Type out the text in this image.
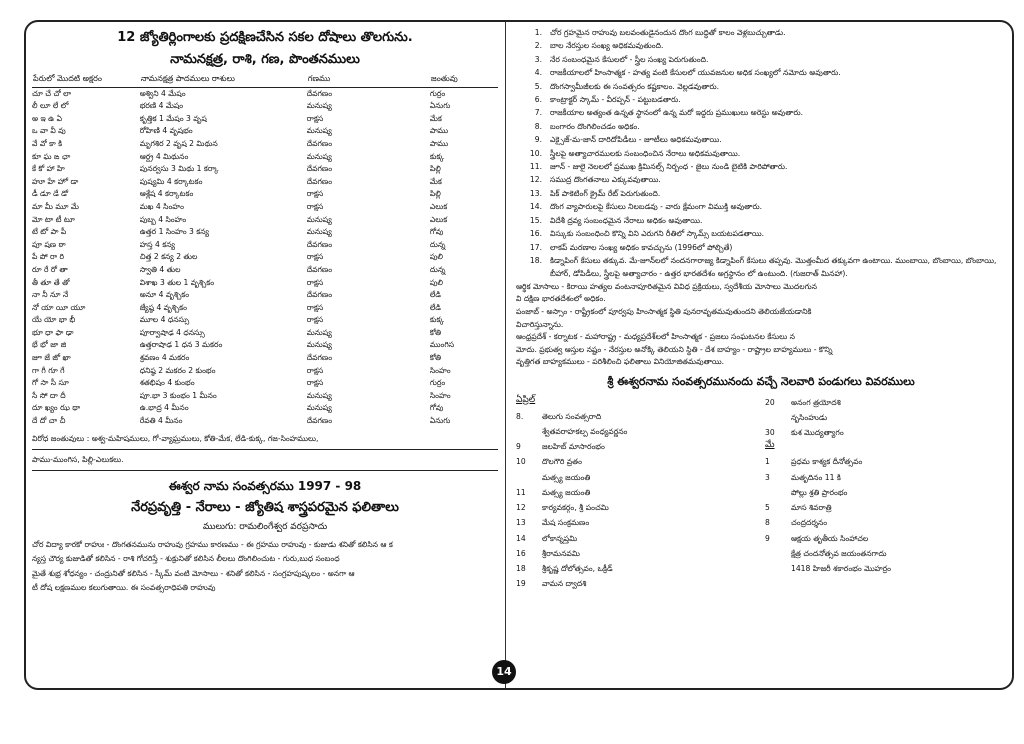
12 జ్యోతిర్లింగాలకు ప్రదక్షిణచేసిన సకల దోషాలు తొలగును.
నామనక్షత్ర, రాశి, గణ, పొంతనములు
పేరులో మొదటి అక్షరం	నామనక్షత్ర పాదములు రాశులు	గణము	జంతువు
చూ చే చో లా	అశ్విని 4 మేషం	దేవగణం	గుర్రం
లీ లూ లే లో	భరణి 4 మేషం	మనుష్య	ఏనుగు
అ ఇ ఉ ఏ	కృత్తిక 1 మేషం 3 వృష	రాక్షస	మేక
ఒ వా వీ వు	రోహిణి 4 వృషభం	మనుష్య	పాము
వే వో కా కి	మృగశిర 2 వృష 2 మిథున	దేవగణం	పాము
కూ ఘ ఙ ఛా	ఆర్ద్ర 4 మిథునం	మనుష్య	కుక్క
కే కో హా హి	పునర్వసు 3 మిథు 1 కర్కా	దేవగణం	పిల్లి
హూ హే హో డా	పుష్యమి 4 కర్కాటకం	దేవగణం	మేక
డీ డూ డే డో	ఆశ్లేష 4 కర్కాటకం	రాక్షస	పిల్లి
మా మీ మూ మే	మఖ 4 సింహం	రాక్షస	ఎలుక
మో టా టీ టూ	పుబ్బ 4 సింహం	మనుష్య	ఎలుక
టే టో పా పీ	ఉత్తర 1 సింహం 3 కన్య	మనుష్య	గోవు
పూ షణ ఠా	హస్త 4 కన్య	దేవగణం	దున్న
పే పో రా రి	చిత్త 2 కన్య 2 తుల	రాక్షస	పులి
రూ రే రో తా	స్వాతి 4 తుల	దేవగణం	దున్న
తీ తూ తే తో	విశాఖ 3 తుల 1 వృశ్చికం	రాక్షస	పులి
నా నీ నూ నే	అనూ 4 వృశ్చికం	దేవగణం	లేడి
నో యా యీ యూ	జ్యేష్ఠ 4 వృశ్చికం	రాక్షస	లేడి
యే యో భా భీ	మూల 4 ధనస్సు	రాక్షస	కుక్క
భూ ధా ఫా ఢా	పూర్వాషాఢ 4 ధనస్సు	మనుష్య	కోతి
భే భో జా జి	ఉత్తరాషాఢ 1 ధన 3 మకరం	మనుష్య	ముంగిస
జూ జే జో ఖా	శ్రవణం 4 మకరం	దేవగణం	కోతి
గా గీ గూ గే	ధనిష్ఠ 2 మకరం 2 కుంభం	రాక్షస	సింహం
గో సా సీ సూ	శతభిషం 4 కుంభం	రాక్షస	గుర్రం
సే సో దా దీ	పూ.భా 3 కుంభం 1 మీనం	మనుష్య	సింహం
దూ ఖ్యం ఝ థా	ఉ.భాద్ర 4 మీనం	మనుష్య	గోవు
దే దో చా చీ	రేవతి 4 మీనం	దేవగణం	ఏనుగు
విరోధ జంతువులు : అశ్వ-మహిషములు, గో-వ్యాఘ్రములు, కోతి-మేక, లేడి-కుక్క, గజ-సింహములు,
పాము-ముంగిస, పిల్లి-ఎలుకలు.
ఈశ్వర నామ సంవత్సరము 1997 - 98
నేరప్రవృత్తి - నేరాలు - జ్యోతిష శాస్త్రపరమైన ఫలితాలు
ములుగు: రామలింగేశ్వర వరప్రసాదు
చోర విద్యా కారకో రాహుః - దొంగతనమును రాహువు గ్రహము కారణము - ఈ గ్రహము రాహువు - కుజుడు శనితో కలిసిన ఆ క
న్యస్త చౌర్య కుజుడితో కలిసిన - రాశి గోచరిస్తే - శుక్రునితో కలిసిన లీలలు దొంగిలించుట - గురు,బుధ సంబంధ
మైతే శుభ్ర శోధన్యం - చంద్రునితో కలిసిన - స్కీమ్ వంటి మోసాలు - శనితో కలిసిన - సంగ్రహపుష్కలం - అనగా ఆ
టీ దోష లక్షణముల కలుగుతాయి. ఈ సంవత్సరాధిపతి రాహువు
1.	చోర గ్రహమైన రాహువు బలవంతుడైనందున దొంగ బుద్ధితో కాలం వెళ్లబుచ్చుతాడు.
2.	బాల నేరస్తుల సంఖ్య అధికమవుతుంది.
3.	నేర సంబంధమైన కేసులలో - స్త్రీల సంఖ్య పెరుగుతుంది.
4.	రాజకీయాలలో హింసాత్మక - హత్య వంటి కేసులలో యువజనుల అధిక సంఖ్యలో నమోదు అవుతారు.
5.	దొంగస్వామీజీలకు ఈ సంవత్సరం కష్టకాలం. వెల్లడవుతారు.
6.	కాంట్రాక్టర్ స్కామ్ - వీరప్పన్ - పట్టుబడతారు.
7.	రాజకీయాల అత్యంత ఉన్నత స్థానంలో ఉన్న మరో ఇద్దరు ప్రముఖులు అరెస్టు అవుతారు.
8.	బంగారం దొంగిలించడం అధికం.
9.	ఎక్సైజ్-మ-జాన్ దారిదోపిడీలు - జూటీలు అధికమవుతాయి.
10.	స్త్రీలపై అత్యాచారములకు సంబంధించిన నేరాలు అధికమవుతాయి.
11.	జూన్ - జులై నెలలలో ప్రముఖ క్రిమినల్స్ నిర్బంధ - జైలు నుండి బైటికి పారిపోతారు.
12.	సముద్ర దొంగతనాలు ఎక్కువవుతాయి.
13.	పిక్ పాకెటింగ్ క్రైమ్ రేట్ పెరుగుతుంది.
14.	దొంగ వ్యాపారులపై కేసులు నిలబడవు - వారు క్షేమంగా విముక్తి అవుతారు.
15.	విదేశీ ద్రవ్య సంబంధమైన నేరాలు అధికం అవుతాయి.
16.	విస్కుకు సంబంధించి కొన్ని విని ఎరుగని రీతిలో స్కామ్స్ బయటపడతాయి.
17.	లాకప్ మరణాల సంఖ్య అధికం కావచ్చును (1996లో పోల్చితే)
18.	కిడ్నాపింగ్ కేసులు తక్కువ. మే-జూన్‌లలో నందనగారాజ్య కిడ్నాపింగ్ కేసులు తప్పవు. మొత్తంమీద తక్కువగా ఉంటాయి. ముంబాయి, బొంబాయి, బొంబాయి, బీహార్, డోపిడీలు, స్త్రీలపై అత్యాచారం - ఉత్తర భారతదేశం అగ్రస్థానం లో ఉంటుంది. (గుజరాత్ మినహా).
ఆర్థిక మోసాలు - కిరాయి హత్యల వంటనాపూరితమైన వివిధ ప్రక్రియలు, స్వదేశీయ మోసాలు మొదలగున
వి దక్షిణ భారతదేశంలో అధికం.
పంజాబ్ - అస్సాం - రాష్ట్రీకంలో పూర్వపు హింసాత్మక స్థితి పునరావృతమవుతుందని తెలియజేయడానికి
విచారిస్తున్నాను.
ఆంధ్రప్రదేశ్ - కర్నాటక - మహారాష్ట్ర - మధ్యప్రదేశ్‌లలో హింసాత్మక - ప్రజలు సంఘటనల కేసులు న
మోదు. ప్రభుత్వ ఆస్తుల నష్టం - నేరస్తుల అనోక్కి తెలియని స్థితి - దేశ బాహ్యం - రాష్ట్రాల బాహ్యములు - కొన్ని
వృత్తిగత బాహ్యకములు - పరిశీలించి ఫలితాలు వినియోజితమవుతాయి.
శ్రీ ఈశ్వరనామ సంవత్సరమునందు వచ్చే నెలవారి పండుగలు వివరములు
ఏప్రిల్
8.	తెలుగు సంవత్సరాది
శ్వేతవరాహకల్ప వంధ్యవర్ణనం
9	జలహిబ్ మాసారంభం
10	దొలగౌరి వ్రతం
మత్స్య జయంతి
11	మత్స్య జయంతి
12	కార్యవకర్గం, శ్రీ పంచమి
13	మేష సంక్రమణం
14	లోకాన్నప్తమి
16	శ్రీరామనవమి
18	శ్రీకృష్ణ దోలోత్సవం, ఒక్రీడ్
19	వామన ద్వాదశి
20	అనంగ త్రయోదశి
నృసింహుడు
30	కుశ మొద్యత్యాగం
మే
1	ప్రధమ కాశ్యక దీనోత్సవం
3	మతృదినం 11 కి
పోల్లు శ్రతి ప్రారంభం
5	మాస శివరాత్రి
8	చంద్రదర్శనం
9	ఆక్షయ తృతీయ సింహాచల
క్షేత్ర చందనోత్సవ జయంతనగాదు
1418 హిజరీ శకారంభం మొహర్రం
14
